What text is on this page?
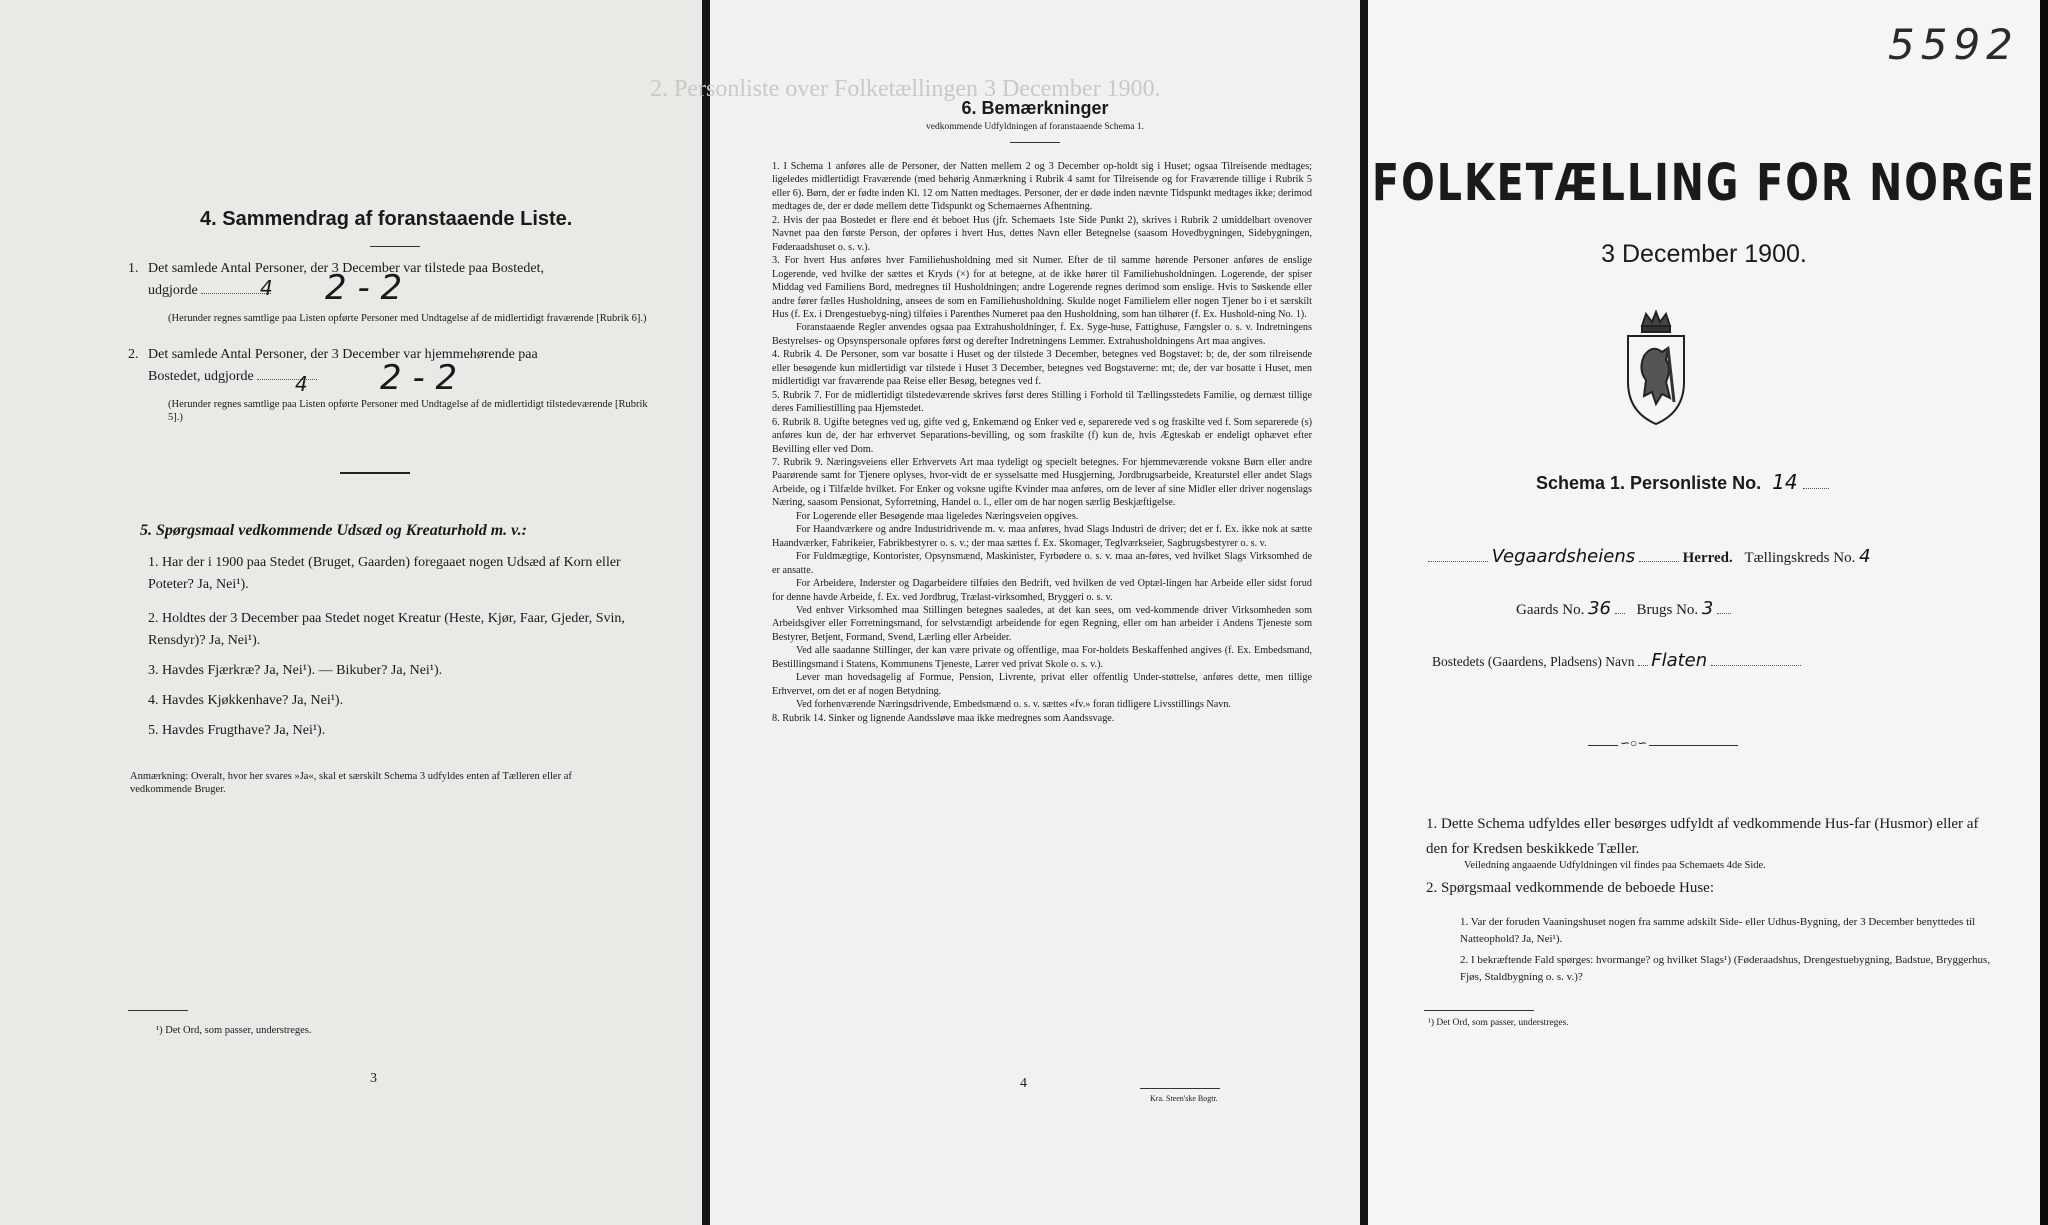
4. Sammendrag af foranstaaende Liste.
1. Det samlede Antal Personer, der 3 December var tilstede paa Bostedet,
udgjorde	4 2 - 2
(Herunder regnes samtlige paa Listen opførte Personer med Undtagelse af de midlertidigt fraværende [Rubrik 6].)
2. Det samlede Antal Personer, der 3 December var hjemmehørende paa
Bostedet, udgjorde	4 2 - 2
(Herunder regnes samtlige paa Listen opførte Personer med Undtagelse af de midlertidigt tilstedeværende [Rubrik 5].)
5. Spørgsmaal vedkommende Udsæd og Kreaturhold m. v.:
1. Har der i 1900 paa Stedet (Bruget, Gaarden) foregaaet nogen Udsæd af Korn eller Poteter? Ja, Nei¹).
2. Holdtes der 3 December paa Stedet noget Kreatur (Heste, Kjør, Faar, Gjeder, Svin, Rensdyr)? Ja, Nei¹).
3. Havdes Fjærkræ? Ja, Nei¹). — Bikuber? Ja, Nei¹).
4. Havdes Kjøkkenhave? Ja, Nei¹).
5. Havdes Frugthave? Ja, Nei¹).
Anmærkning: Overalt, hvor her svares »Ja«, skal et særskilt Schema 3 udfyldes enten af Tælleren eller af vedkommende Bruger.
¹) Det Ord, som passer, understreges.
3
2. Personliste over Folketællingen 3 December 1900.
6. Bemærkninger
vedkommende Udfyldningen af foranstaaende Schema 1.

1. I Schema 1 anføres alle de Personer, der Natten mellem 2 og 3 December op-holdt sig i Huset; ogsaa Tilreisende medtages; ligeledes midlertidigt Fraværende (med behørig Anmærkning i Rubrik 4 samt for Tilreisende og for Fraværende tillige i Rubrik 5 eller 6). Børn, der er fødte inden Kl. 12 om Natten medtages. Personer, der er døde inden nævnte Tidspunkt medtages ikke; derimod medtages de, der er døde mellem dette Tidspunkt og Schemaernes Afhentning.

2. Hvis der paa Bostedet er flere end ét beboet Hus (jfr. Schemaets 1ste Side Punkt 2), skrives i Rubrik 2 umiddelbart ovenover Navnet paa den første Person, der opføres i hvert Hus, dettes Navn eller Betegnelse (saasom Hovedbygningen, Sidebygningen, Føderaadshuset o. s. v.).

3. For hvert Hus anføres hver Familiehusholdning med sit Numer. Efter de til samme hørende Personer anføres de enslige Logerende, ved hvilke der sættes et Kryds (×) for at betegne, at de ikke hører til Familiehusholdningen. Logerende, der spiser Middag ved Familiens Bord, medregnes til Husholdningen; andre Logerende regnes derimod som enslige. Hvis to Søskende eller andre fører fælles Husholdning, ansees de som en Familiehusholdning. Skulde noget Familielem eller nogen Tjener bo i et særskilt Hus (f. Ex. i Drengestuebyg-ning) tilføies i Parenthes Numeret paa den Husholdning, som han tilhører (f. Ex. Hushold-ning No. 1).

Foranstaaende Regler anvendes ogsaa paa Extrahusholdninger, f. Ex. Syge-huse, Fattighuse, Fængsler o. s. v. Indretningens Bestyrelses- og Opsynspersonale opføres først og derefter Indretningens Lemmer. Extrahusholdningens Art maa angives.

4. Rubrik 4. De Personer, som var bosatte i Huset og der tilstede 3 December, betegnes ved Bogstavet: b; de, der som tilreisende eller besøgende kun midlertidigt var tilstede i Huset 3 December, betegnes ved Bogstaverne: mt; de, der var bosatte i Huset, men midlertidigt var fraværende paa Reise eller Besøg, betegnes ved f.

5. Rubrik 7. For de midlertidigt tilstedeværende skrives først deres Stilling i Forhold til Tællingsstedets Familie, og dernæst tillige deres Familiestilling paa Hjemstedet.

6. Rubrik 8. Ugifte betegnes ved ug, gifte ved g, Enkemænd og Enker ved e, separerede ved s og fraskilte ved f. Som separerede (s) anføres kun de, der har erhvervet Separations-bevilling, og som fraskilte (f) kun de, hvis Ægteskab er endeligt ophævet efter Bevilling eller ved Dom.

7. Rubrik 9. Næringsveiens eller Erhvervets Art maa tydeligt og specielt betegnes. For hjemmeværende voksne Børn eller andre Paarørende samt for Tjenere oplyses, hvor-vidt de er sysselsatte med Husgjerning, Jordbrugsarbeide, Kreaturstel eller andet Slags Arbeide, og i Tilfælde hvilket. For Enker og voksne ugifte Kvinder maa anføres, om de lever af sine Midler eller driver nogenslags Næring, saasom Pensionat, Syforretning, Handel o. l., eller om de har nogen særlig Beskjæftigelse.

For Logerende eller Besøgende maa ligeledes Næringsveien opgives.

For Haandværkere og andre Industridrivende m. v. maa anføres, hvad Slags Industri de driver; det er f. Ex. ikke nok at sætte Haandværker, Fabrikeier, Fabrikbestyrer o. s. v.; der maa sættes f. Ex. Skomager, Teglværkseier, Sagbrugsbestyrer o. s. v.

For Fuldmægtige, Kontorister, Opsynsmænd, Maskinister, Fyrbødere o. s. v. maa an-føres, ved hvilket Slags Virksomhed de er ansatte.

For Arbeidere, Inderster og Dagarbeidere tilføies den Bedrift, ved hvilken de ved Optæl-lingen har Arbeide eller sidst forud for denne havde Arbeide, f. Ex. ved Jordbrug, Trælast-virksomhed, Bryggeri o. s. v.

Ved enhver Virksomhed maa Stillingen betegnes saaledes, at det kan sees, om ved-kommende driver Virksomheden som Arbeidsgiver eller Forretningsmand, for selvstændigt arbeidende for egen Regning, eller om han arbeider i Andens Tjeneste som Bestyrer, Betjent, Formand, Svend, Lærling eller Arbeider.

Ved alle saadanne Stillinger, der kan være private og offentlige, maa For-holdets Beskaffenhed angives (f. Ex. Embedsmand, Bestillingsmand i Statens, Kommunens Tjeneste, Lærer ved privat Skole o. s. v.).

Lever man hovedsagelig af Formue, Pension, Livrente, privat eller offentlig Under-støttelse, anføres dette, men tillige Erhvervet, om det er af nogen Betydning.

Ved forhenværende Næringsdrivende, Embedsmænd o. s. v. sættes «fv.» foran tidligere Livsstillings Navn.

8. Rubrik 14. Sinker og lignende Aandssløve maa ikke medregnes som Aandssvage.

4
Kra. Steen'ske Bogtr.
5592
FOLKETÆLLING FOR NORGE
3 December 1900.
Schema 1. Personliste No. 14
Vegaardsheiens	Herred. Tællingskreds No. 4
Gaards No. 36 Brugs No. 3
Bostedets (Gaardens, Pladsens) Navn Flaten
∽○∽
1. Dette Schema udfyldes eller besørges udfyldt af vedkommende Hus-far (Husmor) eller af den for Kredsen beskikkede Tæller.
Veiledning angaaende Udfyldningen vil findes paa Schemaets 4de Side.
2. Spørgsmaal vedkommende de beboede Huse:
1. Var der foruden Vaaningshuset nogen fra samme adskilt Side- eller Udhus-Bygning, der 3 December benyttedes til Natteophold? Ja, Nei¹).
2. I bekræftende Fald spørges: hvormange? og hvilket Slags¹) (Føderaadshus, Drengestuebygning, Badstue, Bryggerhus, Fjøs, Staldbygning o. s. v.)?
¹) Det Ord, som passer, understreges.
